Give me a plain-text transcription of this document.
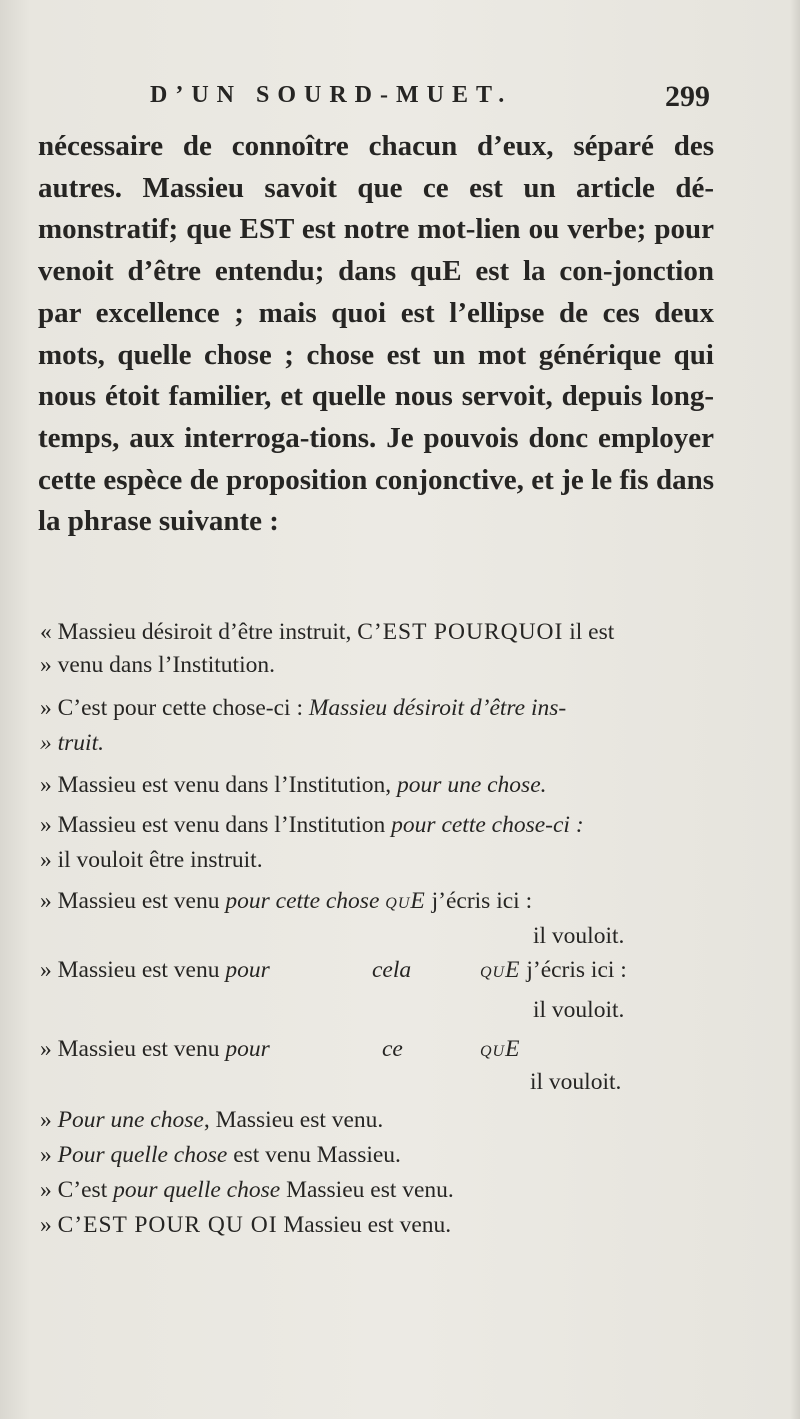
D’UN SOURD-MUET.	299

nécessaire de connoître chacun d’eux, séparé des autres. Massieu savoit que ce est un article dé-monstratif; que EST est notre mot-lien ou verbe; pour venoit d’être entendu; dans quE est la con-jonction par excellence ; mais quoi est l’ellipse de ces deux mots, quelle chose ; chose est un mot générique qui nous étoit familier, et quelle nous servoit, depuis long-temps, aux interroga-tions. Je pouvois donc employer cette espèce de proposition conjonctive, et je le fis dans la phrase suivante :

« Massieu désiroit d’être instruit, C’EST POURQUOI il est
» venu dans l’Institution.
» C’est pour cette chose-ci : Massieu désiroit d’être ins-
» truit.
» Massieu est venu dans l’Institution, pour une chose.
» Massieu est venu dans l’Institution pour cette chose-ci :
» il vouloit être instruit.
» Massieu est venu pour cette chose quE j’écris ici :
il vouloit.
» Massieu est venu pour	cela	quE j’écris ici :
il vouloit.
» Massieu est venu pour	ce	quE
il vouloit.
» Pour une chose, Massieu est venu.
» Pour quelle chose est venu Massieu.
» C’est pour quelle chose Massieu est venu.
» C’EST POUR QU OI Massieu est venu.
